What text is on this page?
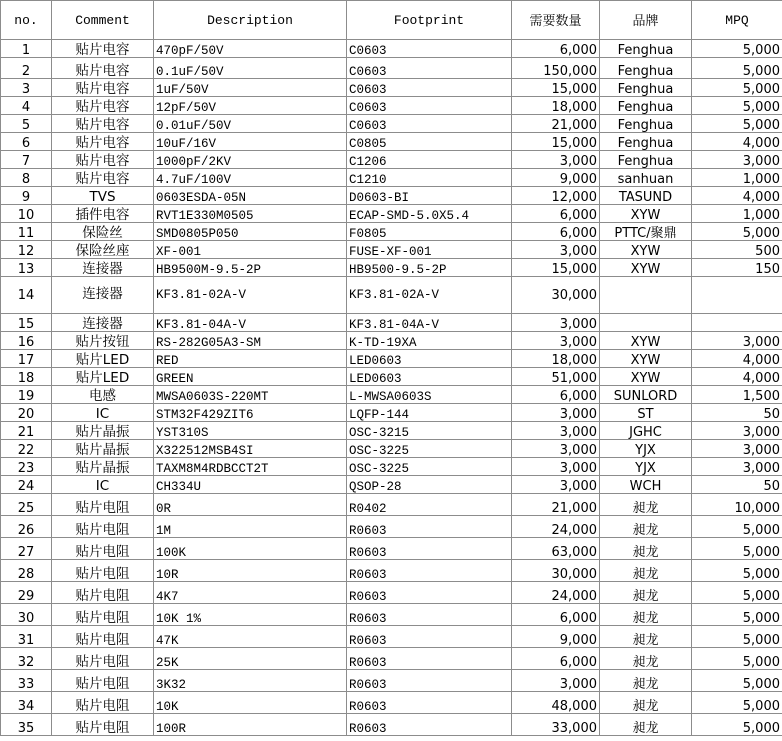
no.	Comment	Description	Footprint	需要数量	品牌	MPQ
1	贴片电容	470pF/50V	C0603	6,000	Fenghua	5,000
2	贴片电容	0.1uF/50V	C0603	150,000	Fenghua	5,000
3	贴片电容	1uF/50V	C0603	15,000	Fenghua	5,000
4	贴片电容	12pF/50V	C0603	18,000	Fenghua	5,000
5	贴片电容	0.01uF/50V	C0603	21,000	Fenghua	5,000
6	贴片电容	10uF/16V	C0805	15,000	Fenghua	4,000
7	贴片电容	1000pF/2KV	C1206	3,000	Fenghua	3,000
8	贴片电容	4.7uF/100V	C1210	9,000	sanhuan	1,000
9	TVS	0603ESDA-05N	D0603-BI	12,000	TASUND	4,000
10	插件电容	RVT1E330M0505	ECAP-SMD-5.0X5.4	6,000	XYW	1,000
11	保险丝	SMD0805P050	F0805	6,000	PTTC/聚鼎	5,000
12	保险丝座	XF-001	FUSE-XF-001	3,000	XYW	500
13	连接器	HB9500M-9.5-2P	HB9500-9.5-2P	15,000	XYW	150
14	连接器	KF3.81-02A-V	KF3.81-02A-V	30,000		
15	连接器	KF3.81-04A-V	KF3.81-04A-V	3,000		
16	贴片按钮	RS-282G05A3-SM	K-TD-19XA	3,000	XYW	3,000
17	贴片LED	RED	LED0603	18,000	XYW	4,000
18	贴片LED	GREEN	LED0603	51,000	XYW	4,000
19	电感	MWSA0603S-220MT	L-MWSA0603S	6,000	SUNLORD	1,500
20	IC	STM32F429ZIT6	LQFP-144	3,000	ST	50
21	贴片晶振	YST310S	OSC-3215	3,000	JGHC	3,000
22	贴片晶振	X322512MSB4SI	OSC-3225	3,000	YJX	3,000
23	贴片晶振	TAXM8M4RDBCCT2T	OSC-3225	3,000	YJX	3,000
24	IC	CH334U	QSOP-28	3,000	WCH	50
25	贴片电阻	0R	R0402	21,000	昶龙	10,000
26	贴片电阻	1M	R0603	24,000	昶龙	5,000
27	贴片电阻	100K	R0603	63,000	昶龙	5,000
28	贴片电阻	10R	R0603	30,000	昶龙	5,000
29	贴片电阻	4K7	R0603	24,000	昶龙	5,000
30	贴片电阻	10K 1%	R0603	6,000	昶龙	5,000
31	贴片电阻	47K	R0603	9,000	昶龙	5,000
32	贴片电阻	25K	R0603	6,000	昶龙	5,000
33	贴片电阻	3K32	R0603	3,000	昶龙	5,000
34	贴片电阻	10K	R0603	48,000	昶龙	5,000
35	贴片电阻	100R	R0603	33,000	昶龙	5,000
